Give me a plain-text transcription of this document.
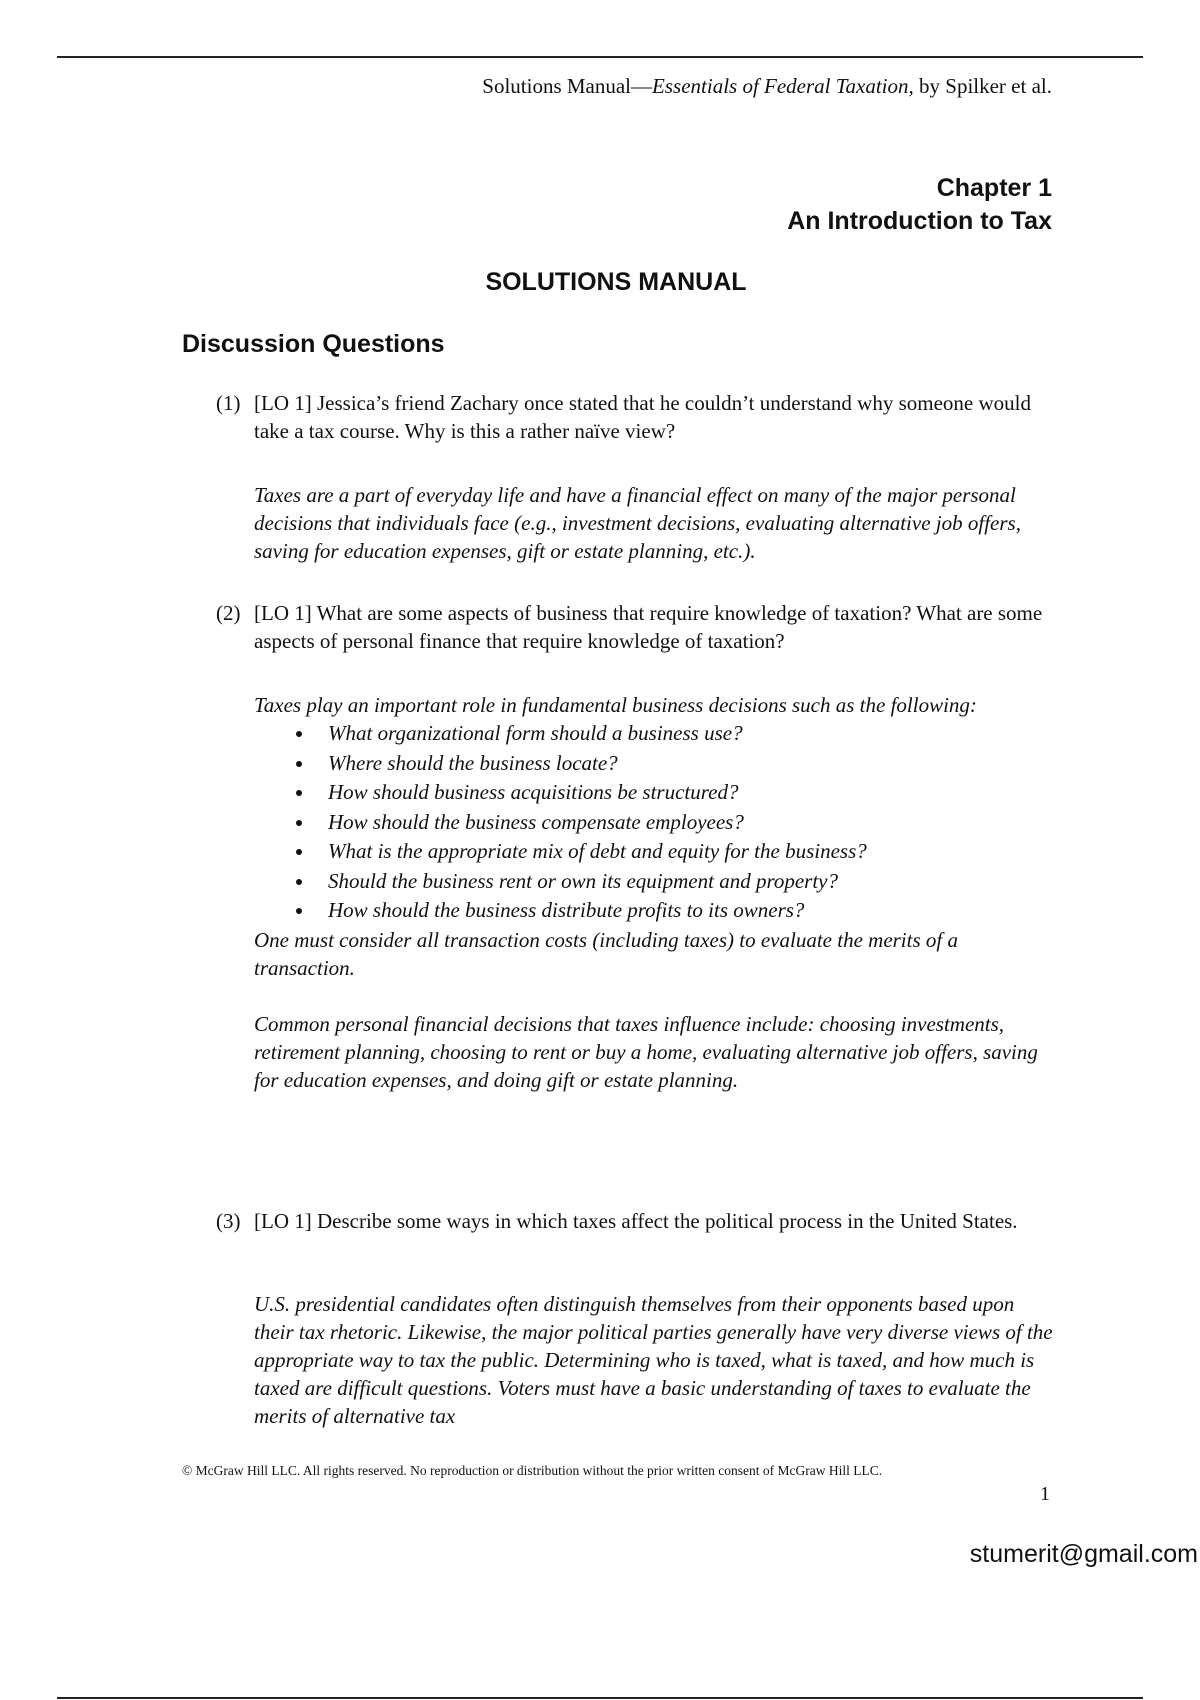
Solutions Manual—Essentials of Federal Taxation, by Spilker et al.
Chapter 1
An Introduction to Tax
SOLUTIONS MANUAL
Discussion Questions
(1) [LO 1] Jessica’s friend Zachary once stated that he couldn’t understand why someone would take a tax course. Why is this a rather naïve view?

Taxes are a part of everyday life and have a financial effect on many of the major personal decisions that individuals face (e.g., investment decisions, evaluating alternative job offers, saving for education expenses, gift or estate planning, etc.).

(2) [LO 1] What are some aspects of business that require knowledge of taxation? What are some aspects of personal finance that require knowledge of taxation?

Taxes play an important role in fundamental business decisions such as the following:

What organizational form should a business use?
Where should the business locate?
How should business acquisitions be structured?
How should the business compensate employees?
What is the appropriate mix of debt and equity for the business?
Should the business rent or own its equipment and property?
How should the business distribute profits to its owners?

One must consider all transaction costs (including taxes) to evaluate the merits of a transaction.

Common personal financial decisions that taxes influence include: choosing investments, retirement planning, choosing to rent or buy a home, evaluating alternative job offers, saving for education expenses, and doing gift or estate planning.

(3) [LO 1] Describe some ways in which taxes affect the political process in the United States.

U.S. presidential candidates often distinguish themselves from their opponents based upon their tax rhetoric. Likewise, the major political parties generally have very diverse views of the appropriate way to tax the public. Determining who is taxed, what is taxed, and how much is taxed are difficult questions. Voters must have a basic understanding of taxes to evaluate the merits of alternative tax

© McGraw Hill LLC. All rights reserved. No reproduction or distribution without the prior written consent of McGraw Hill LLC.
1
stumerit@gmail.com
